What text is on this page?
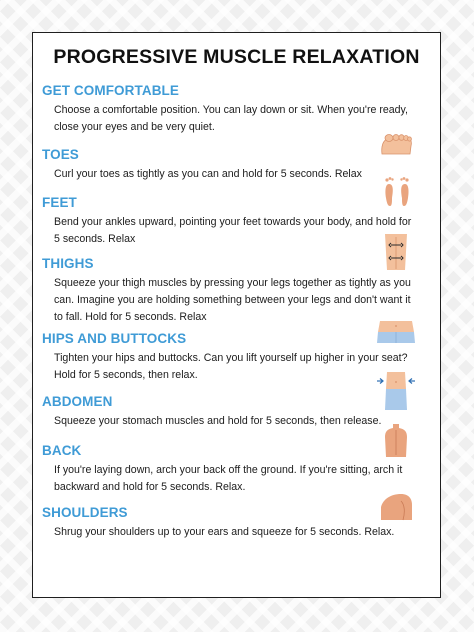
PROGRESSIVE MUSCLE RELAXATION
GET COMFORTABLE
Choose a comfortable position. You can lay down or sit. When you're ready, close your eyes and be very quiet.
TOES
Curl your toes as tightly as you can and hold for 5 seconds. Relax
FEET
Bend your ankles upward, pointing your feet towards your body, and hold for 5 seconds. Relax
THIGHS
Squeeze your thigh muscles by pressing your legs together as tightly as you can. Imagine you are holding something between your legs and don't want it to fall. Hold for 5 seconds. Relax
HIPS AND BUTTOCKS
Tighten your hips and buttocks. Can you lift yourself up higher in your seat? Hold for 5 seconds, then relax.
ABDOMEN
Squeeze your stomach muscles and hold for 5 seconds, then release.
BACK
If you're laying down, arch your back off the ground. If you're sitting, arch it backward and hold for 5 seconds. Relax.
SHOULDERS
Shrug your shoulders up to your ears and squeeze for 5 seconds. Relax.
